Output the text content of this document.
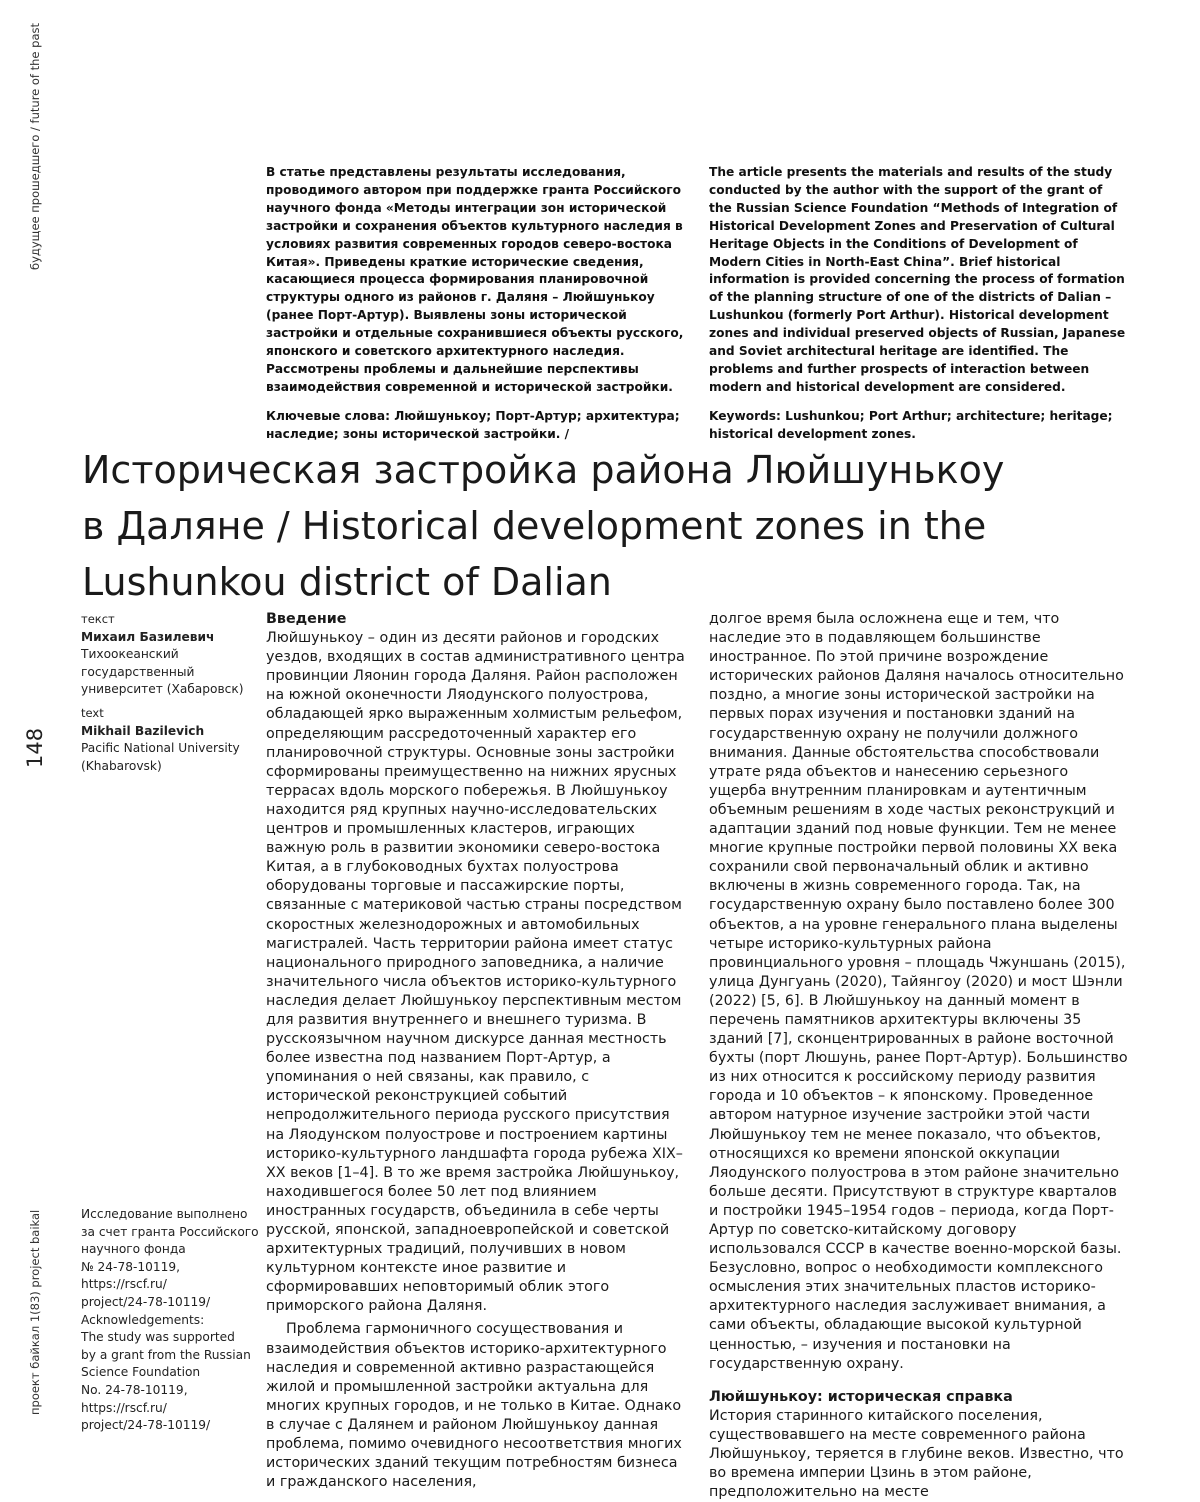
будущее прошедшего / future of the past
148
проект байкал 1(83) project baikal

В статье представлены результаты исследования, проводимого автором при поддержке гранта Российского научного фонда «Методы интеграции зон исторической застройки и сохранения объектов культурного наследия в условиях развития современных городов северо-востока Китая». Приведены краткие исторические сведения, касающиеся процесса формирования планировочной структуры одного из районов г. Даляня – Люйшунькоу (ранее Порт-Артур). Выявлены зоны исторической застройки и отдельные сохранившиеся объекты русского, японского и советского архитектурного наследия. Рассмотрены проблемы и дальнейшие перспективы взаимодействия современной и исторической застройки.

Ключевые слова: Люйшунькоу; Порт-Артур; архитектура; наследие; зоны исторической застройки. /

The article presents the materials and results of the study conducted by the author with the support of the grant of the Russian Science Foundation “Methods of Integration of Historical Development Zones and Preservation of Cultural Heritage Objects in the Conditions of Development of Modern Cities in North-East China”. Brief historical information is provided concerning the process of formation of the planning structure of one of the districts of Dalian – Lushunkou (formerly Port Arthur). Historical development zones and individual preserved objects of Russian, Japanese and Soviet architectural heritage are identified. The problems and further prospects of interaction between modern and historical development are considered.

Keywords: Lushunkou; Port Arthur; architecture; heritage; historical development zones.

Историческая застройка района Люйшунькоу
в Даляне / Historical development zones in the
Lushunkou district of Dalian
текст
Михаил Базилевич
Тихоокеанский
государственный
университет (Хабаровск)
text
Mikhail Bazilevich
Pacific National University
(Khabarovsk)
Исследование выполнено
за счет гранта Российского
научного фонда
№ 24-78-10119,
https://rscf.ru/
project/24-78-10119/
Acknowledgements:
The study was supported
by a grant from the Russian
Science Foundation
No. 24-78-10119,
https://rscf.ru/
project/24-78-10119/
Введение

Люйшунькоу – один из десяти районов и городских уездов, входящих в состав административного центра провинции Ляонин города Даляня. Район расположен на южной оконечности Ляодунского полуострова, обладающей ярко выраженным холмистым рельефом, определяющим рассредоточенный характер его планировочной структуры. Основные зоны застройки сформированы преимущественно на нижних ярусных террасах вдоль морского побережья. В Люйшунькоу находится ряд крупных научно-исследовательских центров и промышленных кластеров, играющих важную роль в развитии экономики северо-востока Китая, а в глубоководных бухтах полуострова оборудованы торговые и пассажирские порты, связанные с материковой частью страны посредством скоростных железнодорожных и автомобильных магистралей. Часть территории района имеет статус национального природного заповедника, а наличие значительного числа объектов историко-культурного наследия делает Люйшунькоу перспективным местом для развития внутреннего и внешнего туризма. В русскоязычном научном дискурсе данная местность более известна под названием Порт-Артур, а упоминания о ней связаны, как правило, с исторической реконструкцией событий непродолжительного периода русского присутствия на Ляодунском полуострове и построением картины историко-культурного ландшафта города рубежа XIX–XX веков [1–4]. В то же время застройка Люйшунькоу, находившегося более 50 лет под влиянием иностранных государств, объединила в себе черты русской, японской, западноевропейской и советской архитектурных традиций, получивших в новом культурном контексте иное развитие и сформировавших неповторимый облик этого приморского района Даляня.

Проблема гармоничного сосуществования и взаимодействия объектов историко-архитектурного наследия и современной активно разрастающейся жилой и промышленной застройки актуальна для многих крупных городов, и не только в Китае. Однако в случае с Далянем и районом Люйшунькоу данная проблема, помимо очевидного несоответствия многих исторических зданий текущим потребностям бизнеса и гражданского населения,

долгое время была осложнена еще и тем, что наследие это в подавляющем большинстве иностранное. По этой причине возрождение исторических районов Даляня началось относительно поздно, а многие зоны исторической застройки на первых порах изучения и постановки зданий на государственную охрану не получили должного внимания. Данные обстоятельства способствовали утрате ряда объектов и нанесению серьезного ущерба внутренним планировкам и аутентичным объемным решениям в ходе частых реконструкций и адаптации зданий под новые функции. Тем не менее многие крупные постройки первой половины XX века сохранили свой первоначальный облик и активно включены в жизнь современного города. Так, на государственную охрану было поставлено более 300 объектов, а на уровне генерального плана выделены четыре историко-культурных района провинциального уровня – площадь Чжуншань (2015), улица Дунгуань (2020), Тайянгоу (2020) и мост Шэнли (2022) [5, 6]. В Люйшунькоу на данный момент в перечень памятников архитектуры включены 35 зданий [7], сконцентрированных в районе восточной бухты (порт Люшунь, ранее Порт-Артур). Большинство из них относится к российскому периоду развития города и 10 объектов – к японскому. Проведенное автором натурное изучение застройки этой части Люйшунькоу тем не менее показало, что объектов, относящихся ко времени японской оккупации Ляодунского полуострова в этом районе значительно больше десяти. Присутствуют в структуре кварталов и постройки 1945–1954 годов – периода, когда Порт-Артур по советско-китайскому договору использовался СССР в качестве военно-морской базы. Безусловно, вопрос о необходимости комплексного осмысления этих значительных пластов историко-архитектурного наследия заслуживает внимания, а сами объекты, обладающие высокой культурной ценностью, – изучения и постановки на государственную охрану.

Люйшунькоу: историческая справка

История старинного китайского поселения, существовавшего на месте современного района Люйшунькоу, теряется в глубине веков. Известно, что во времена империи Цзинь в этом районе, предположительно на месте
